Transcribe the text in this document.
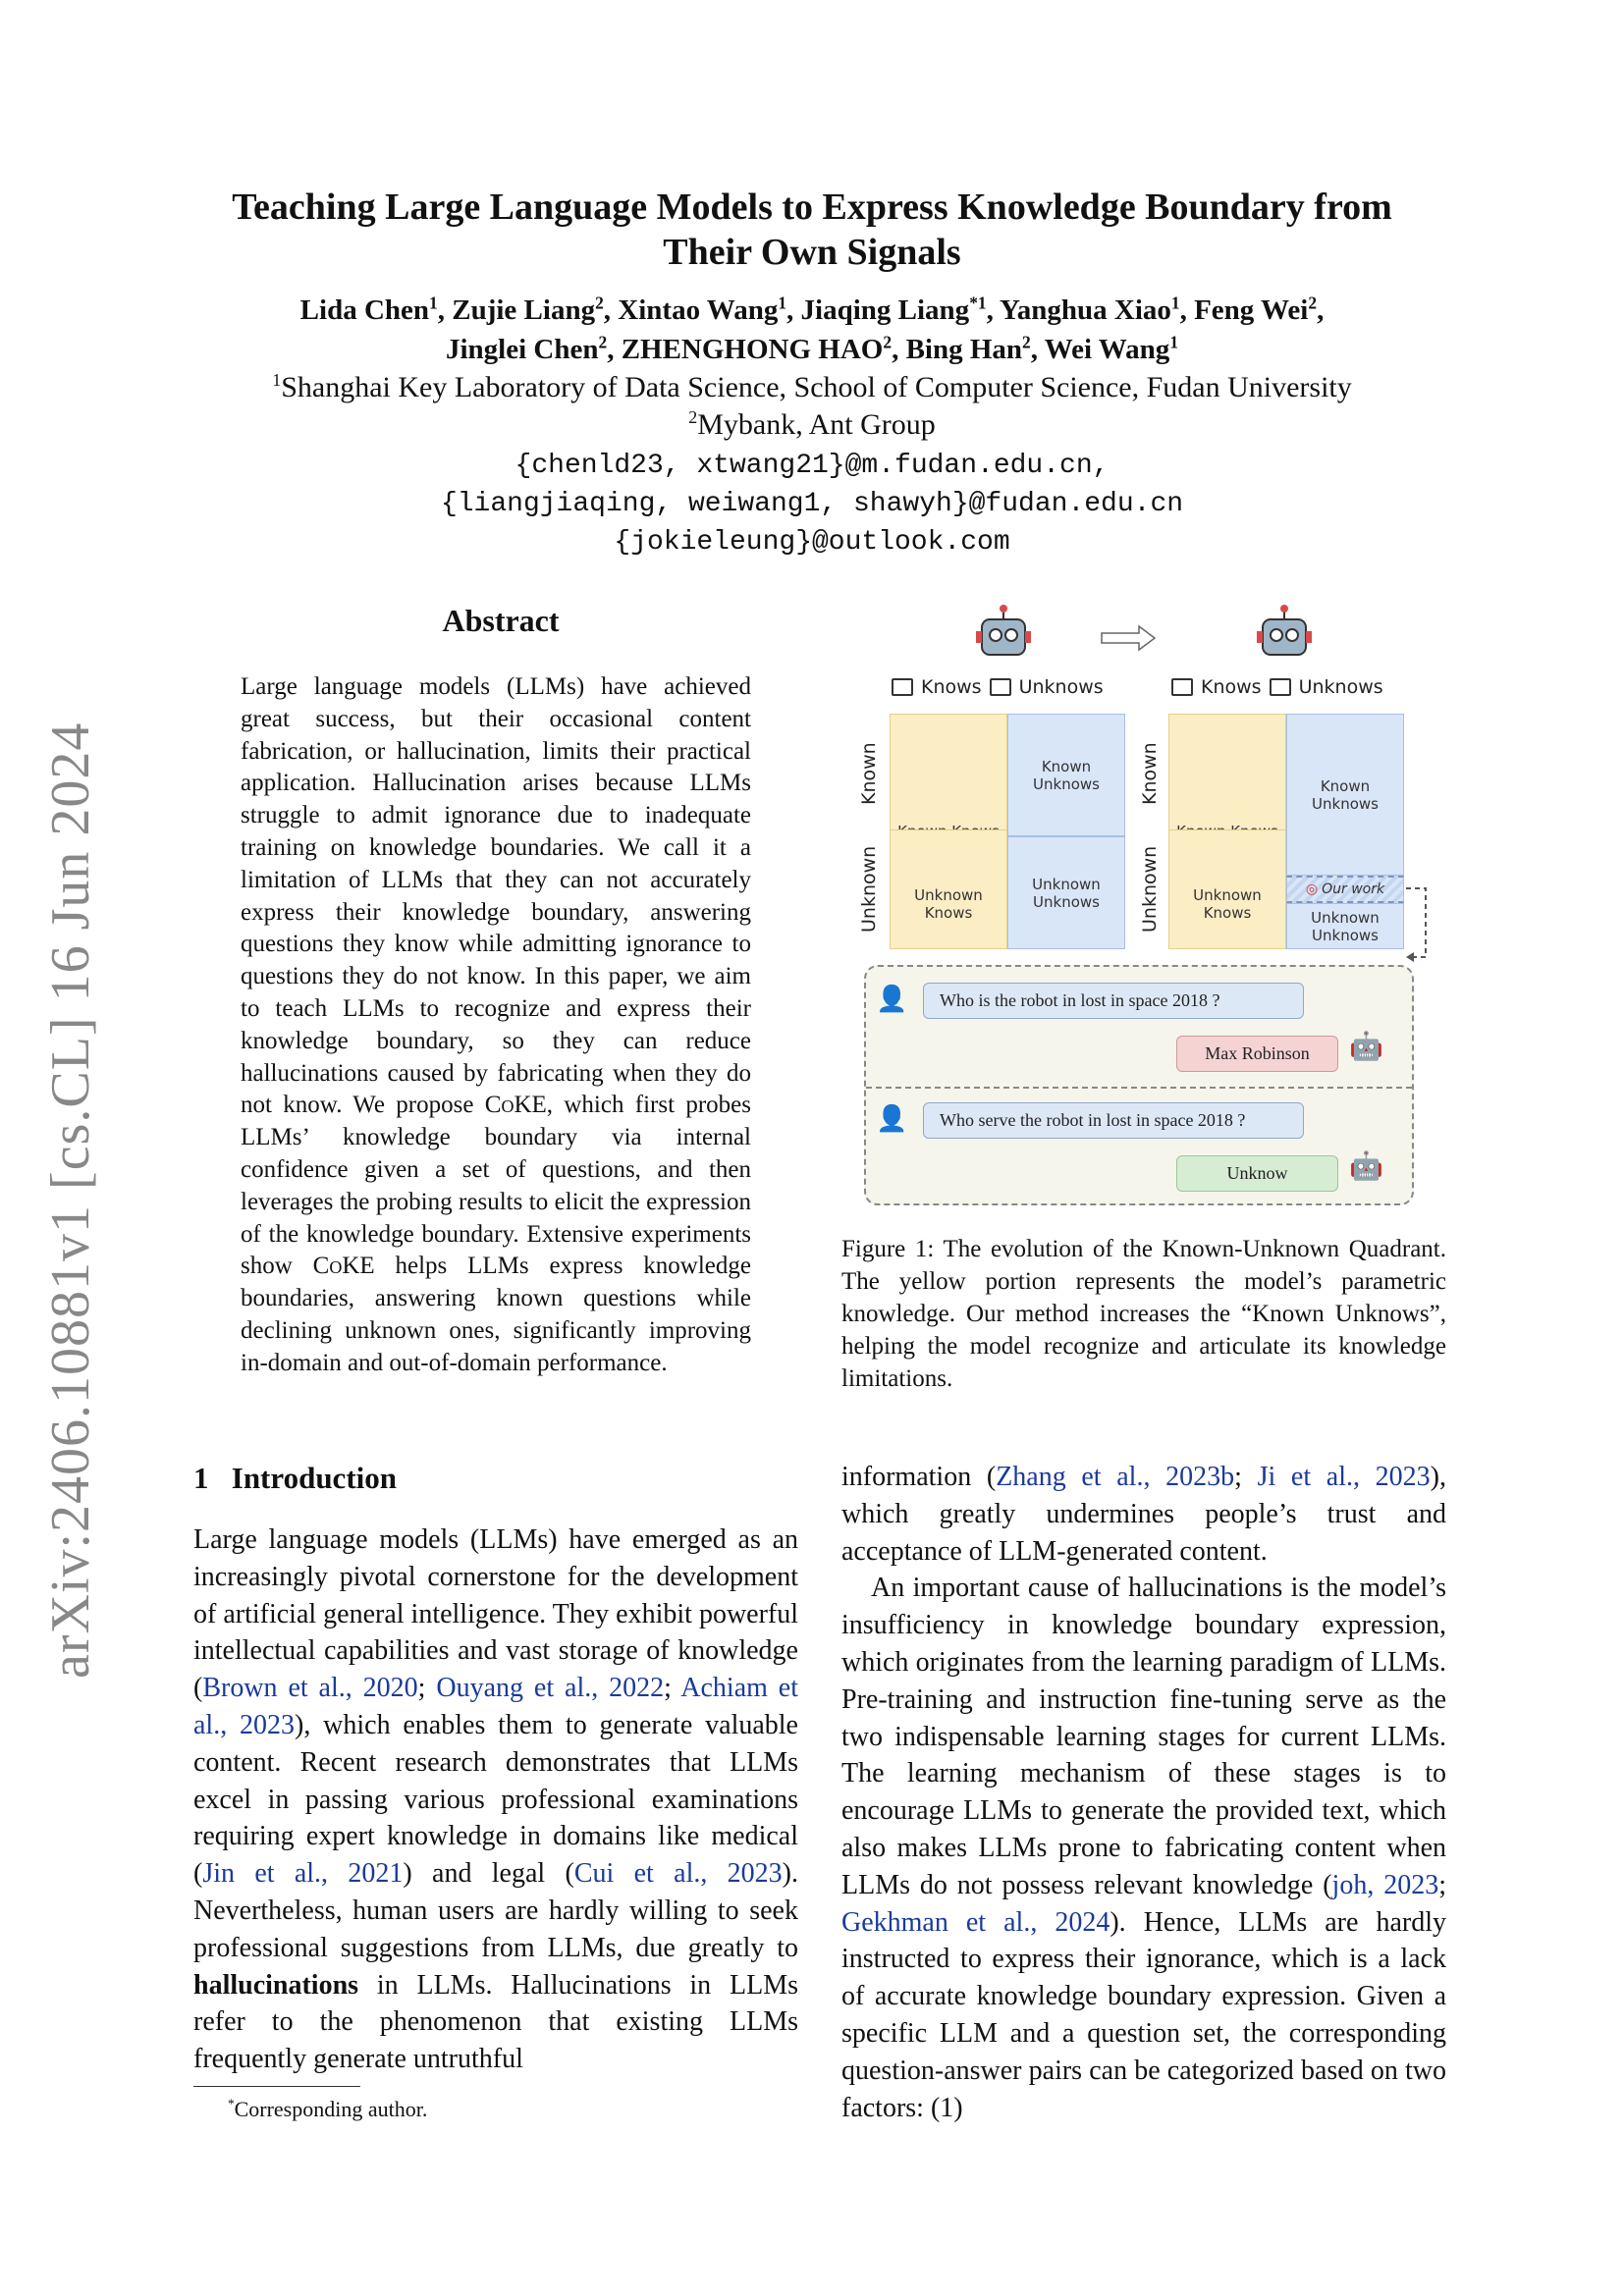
Teaching Large Language Models to Express Knowledge Boundary from
Their Own Signals
Lida Chen$^1$, Zujie Liang$^2$, Xintao Wang$^1$, Jiaqing Liang$^{*1}$, Yanghua Xiao$^1$, Feng Wei$^2$,
Jinglei Chen$^2$, ZHENGHONG HAO$^2$, Bing Han$^2$, Wei Wang$^1$
$^1$Shanghai Key Laboratory of Data Science, School of Computer Science, Fudan University
$^2$Mybank, Ant Group
{chenld23, xtwang21}@m.fudan.edu.cn,
{liangjiaqing, weiwang1, shawyh}@fudan.edu.cn
{jokieleung}@outlook.com
arXiv:2406.10881v1 [cs.CL] 16 Jun 2024
Abstract
Large language models (LLMs) have achieved great success, but their occasional content fabrication, or hallucination, limits their practical application. Hallucination arises because LLMs struggle to admit ignorance due to inadequate training on knowledge boundaries. We call it a limitation of LLMs that they can not accurately express their knowledge boundary, answering questions they know while admitting ignorance to questions they do not know. In this paper, we aim to teach LLMs to recognize and express their knowledge boundary, so they can reduce hallucinations caused by fabricating when they do not know. We propose CoKE, which first probes LLMs’ knowledge boundary via internal confidence given a set of questions, and then leverages the probing results to elicit the expression of the knowledge boundary. Extensive experiments show CoKE helps LLMs express knowledge boundaries, answering known questions while declining unknown ones, significantly improving in-domain and out-of-domain performance.
Knows Unknows	Knows Unknows
Known
Unknown
Known
Unknown
Unknown Knows
Known Unknows
Unknown Unknows	Unknown Knows
Known Unknows
◎ Our work
Unknown Unknows
👤	Who is the robot in lost in space 2018 ?
Max Robinson	🤖
👤	Who serve the robot in lost in space 2018 ?
Unknow	🤖
Figure 1: The evolution of the Known-Unknown Quadrant. The yellow portion represents the model’s parametric knowledge. Our method increases the “Known Unknows”, helping the model recognize and articulate its knowledge limitations.
1 Introduction
Large language models (LLMs) have emerged as an increasingly pivotal cornerstone for the development of artificial general intelligence. They exhibit powerful intellectual capabilities and vast storage of knowledge (Brown et al., 2020; Ouyang et al., 2022; Achiam et al., 2023), which enables them to generate valuable content. Recent research demonstrates that LLMs excel in passing various professional examinations requiring expert knowledge in domains like medical (Jin et al., 2021) and legal (Cui et al., 2023). Nevertheless, human users are hardly willing to seek professional suggestions from LLMs, due greatly to hallucinations in LLMs. Hallucinations in LLMs refer to the phenomenon that existing LLMs frequently generate untruthful
information (Zhang et al., 2023b; Ji et al., 2023), which greatly undermines people’s trust and acceptance of LLM-generated content.
An important cause of hallucinations is the model’s insufficiency in knowledge boundary expression, which originates from the learning paradigm of LLMs. Pre-training and instruction fine-tuning serve as the two indispensable learning stages for current LLMs. The learning mechanism of these stages is to encourage LLMs to generate the provided text, which also makes LLMs prone to fabricating content when LLMs do not possess relevant knowledge (joh, 2023; Gekhman et al., 2024). Hence, LLMs are hardly instructed to express their ignorance, which is a lack of accurate knowledge boundary expression. Given a specific LLM and a question set, the corresponding question-answer pairs can be categorized based on two factors: (1)
*Corresponding author.
